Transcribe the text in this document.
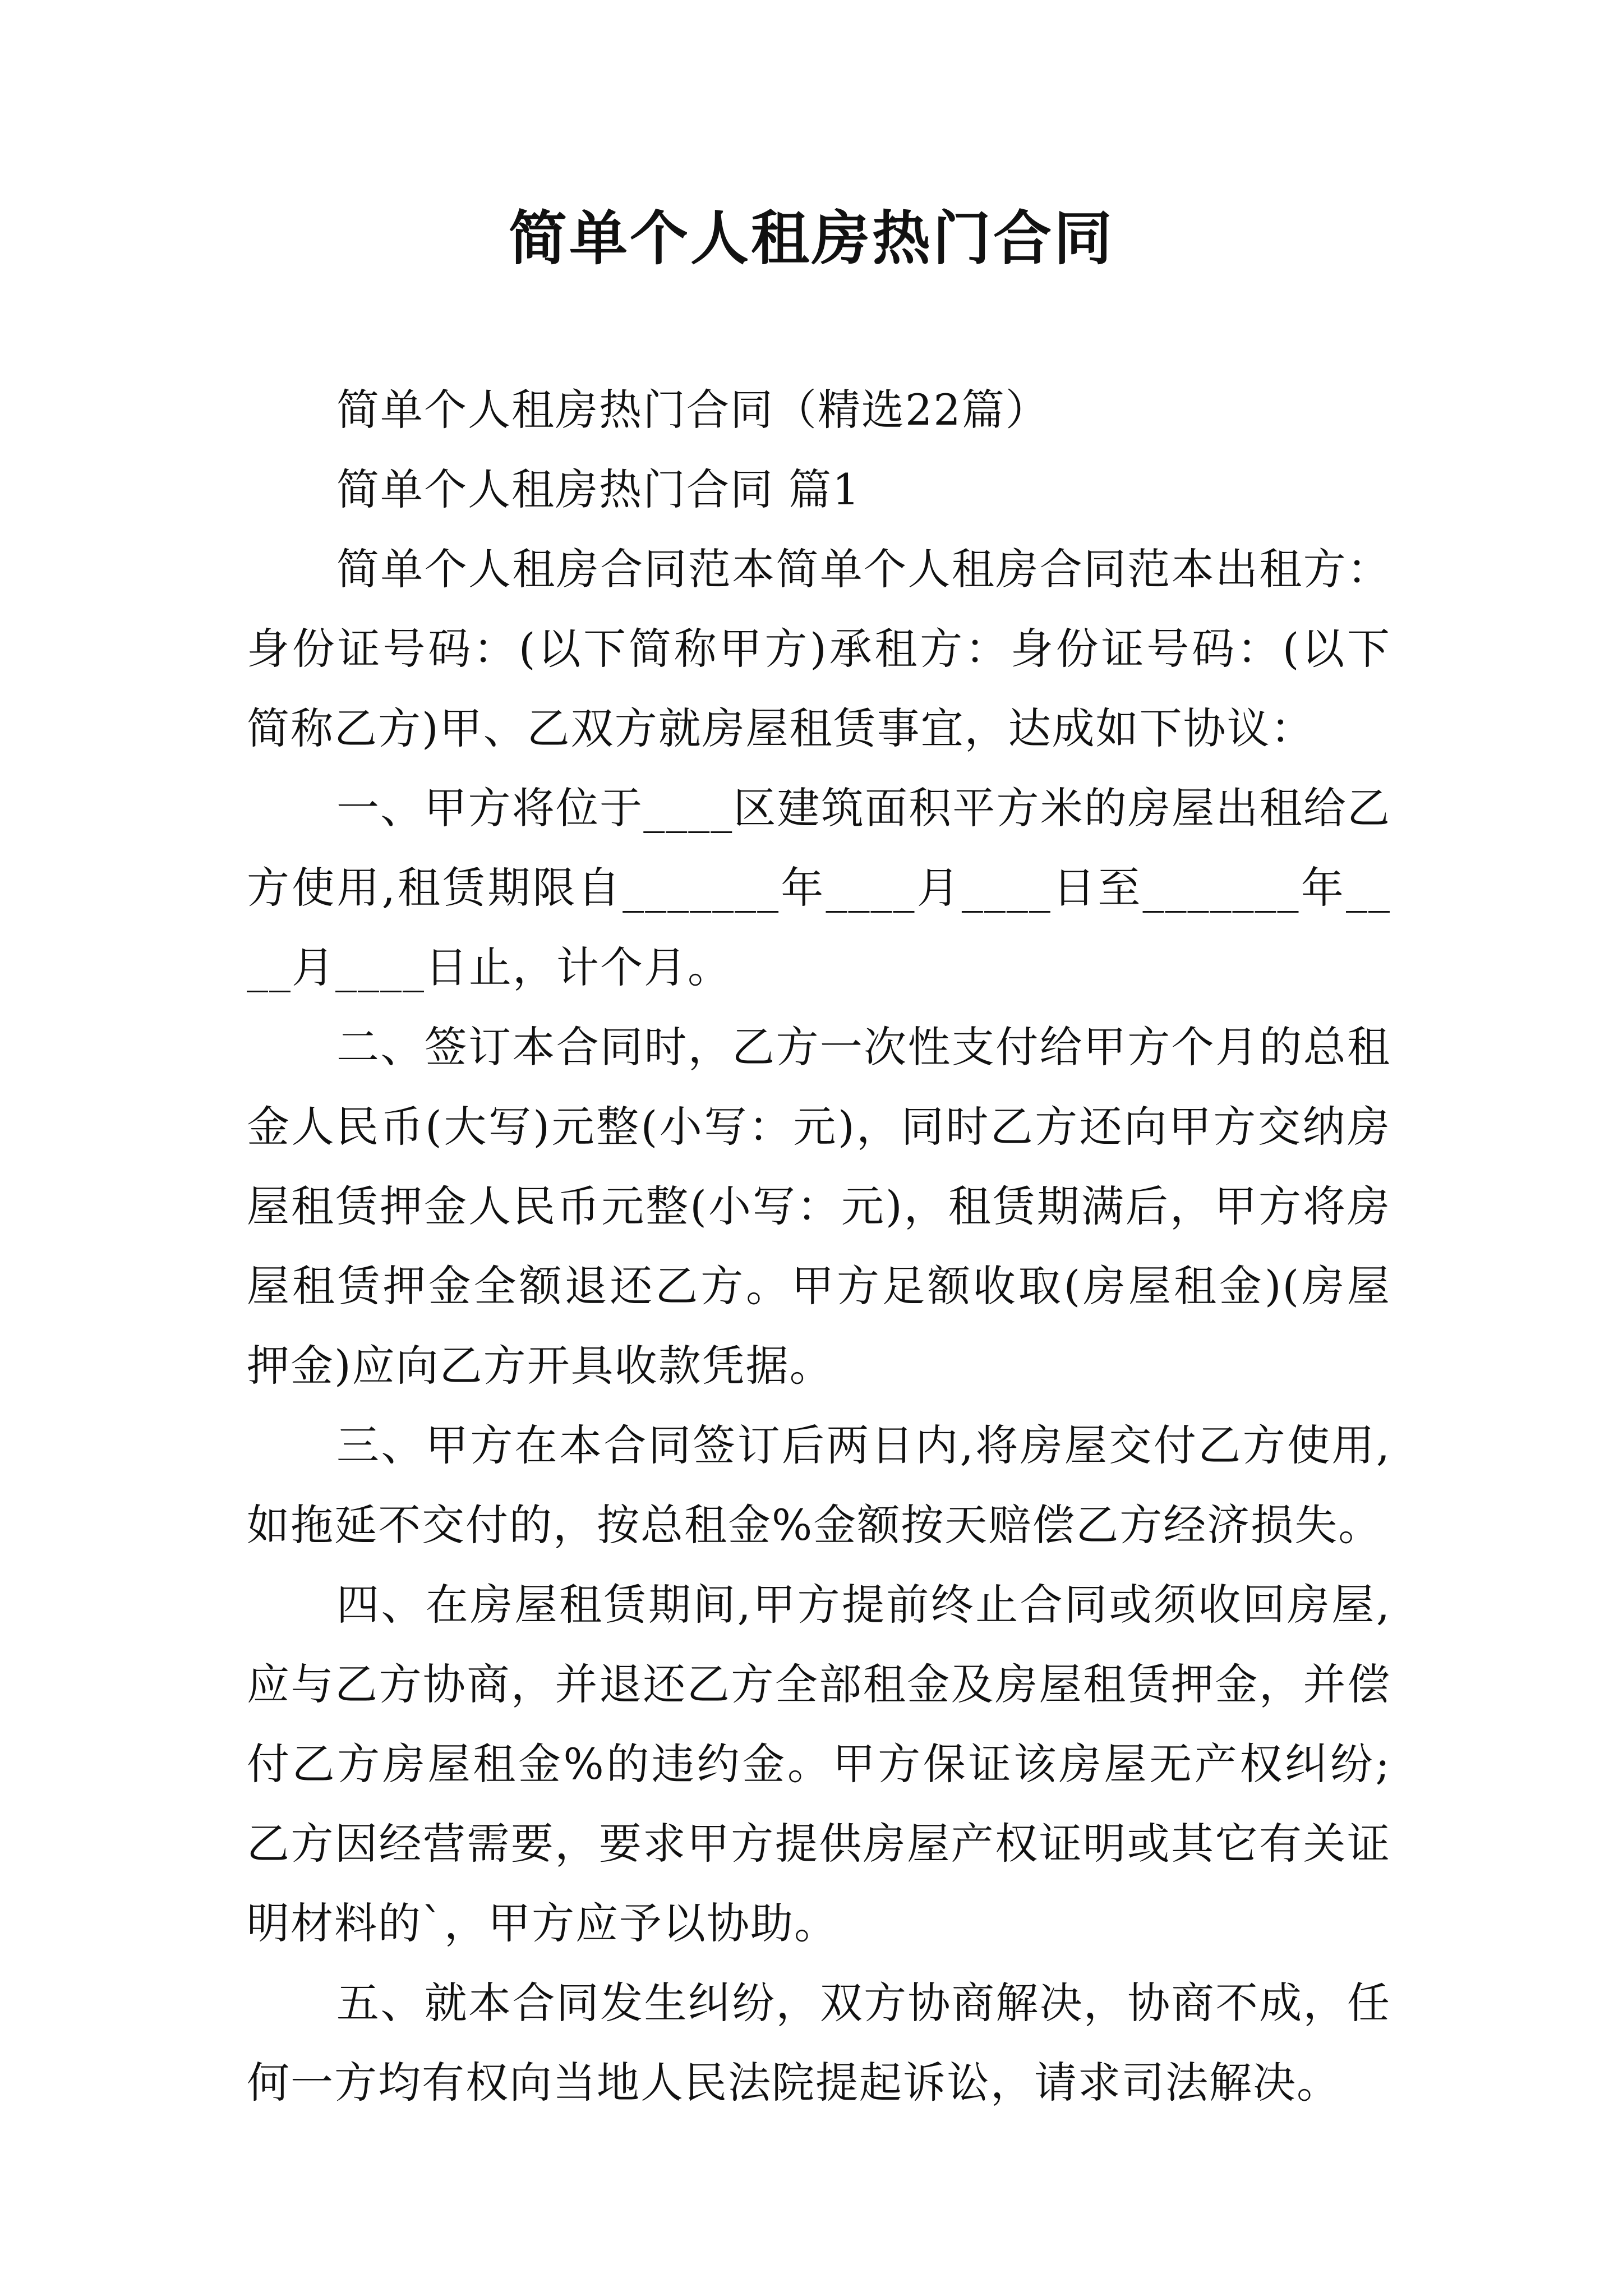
简单个人租房热门合同

简单个人租房热门合同（精选22篇）

简单个人租房热门合同 篇1

简单个人租房合同范本简单个人租房合同范本出租方：身份证号码：(以下简称甲方)承租方：身份证号码：(以下简称乙方)甲、乙双方就房屋租赁事宜，达成如下协议：

一、甲方将位于____区建筑面积平方米的房屋出租给乙方使用,租赁期限自_______年____月____日至_______年____月____日止，计个月。

二、签订本合同时，乙方一次性支付给甲方个月的总租金人民币(大写)元整(小写：元)，同时乙方还向甲方交纳房屋租赁押金人民币元整(小写：元)，租赁期满后，甲方将房屋租赁押金全额退还乙方。甲方足额收取(房屋租金)(房屋押金)应向乙方开具收款凭据。

三、甲方在本合同签订后两日内,将房屋交付乙方使用,如拖延不交付的，按总租金%金额按天赔偿乙方经济损失。

四、在房屋租赁期间,甲方提前终止合同或须收回房屋,应与乙方协商，并退还乙方全部租金及房屋租赁押金，并偿付乙方房屋租金%的违约金。甲方保证该房屋无产权纠纷;乙方因经营需要，要求甲方提供房屋产权证明或其它有关证明材料的`，甲方应予以协助。

五、就本合同发生纠纷，双方协商解决，协商不成，任何一方均有权向当地人民法院提起诉讼，请求司法解决。
